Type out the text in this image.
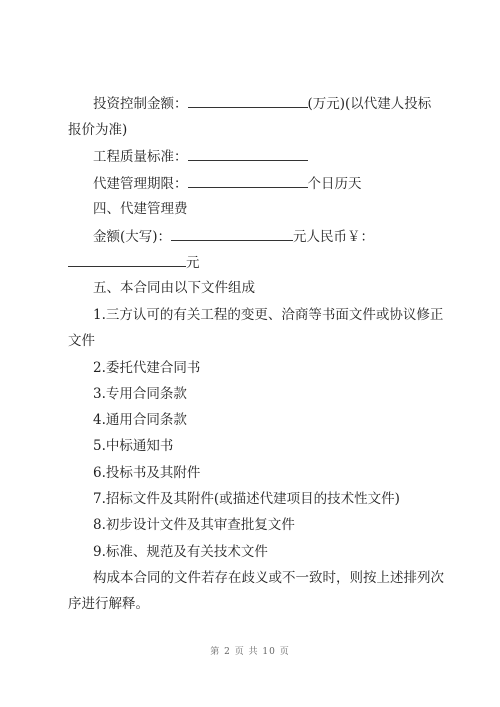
投资控制金额：	(万元)(以代建人投标
报价为准)
工程质量标准：
代建管理期限：	个日历天
四、代建管理费
金额(大写)：	元人民币￥：
元
五、本合同由以下文件组成
1.三方认可的有关工程的变更、洽商等书面文件或协议修正
文件
2.委托代建合同书
3.专用合同条款
4.通用合同条款
5.中标通知书
6.投标书及其附件
7.招标文件及其附件(或描述代建项目的技术性文件)
8.初步设计文件及其审查批复文件
9.标准、规范及有关技术文件
构成本合同的文件若存在歧义或不一致时，则按上述排列次
序进行解释。
第 2 页 共 10 页
